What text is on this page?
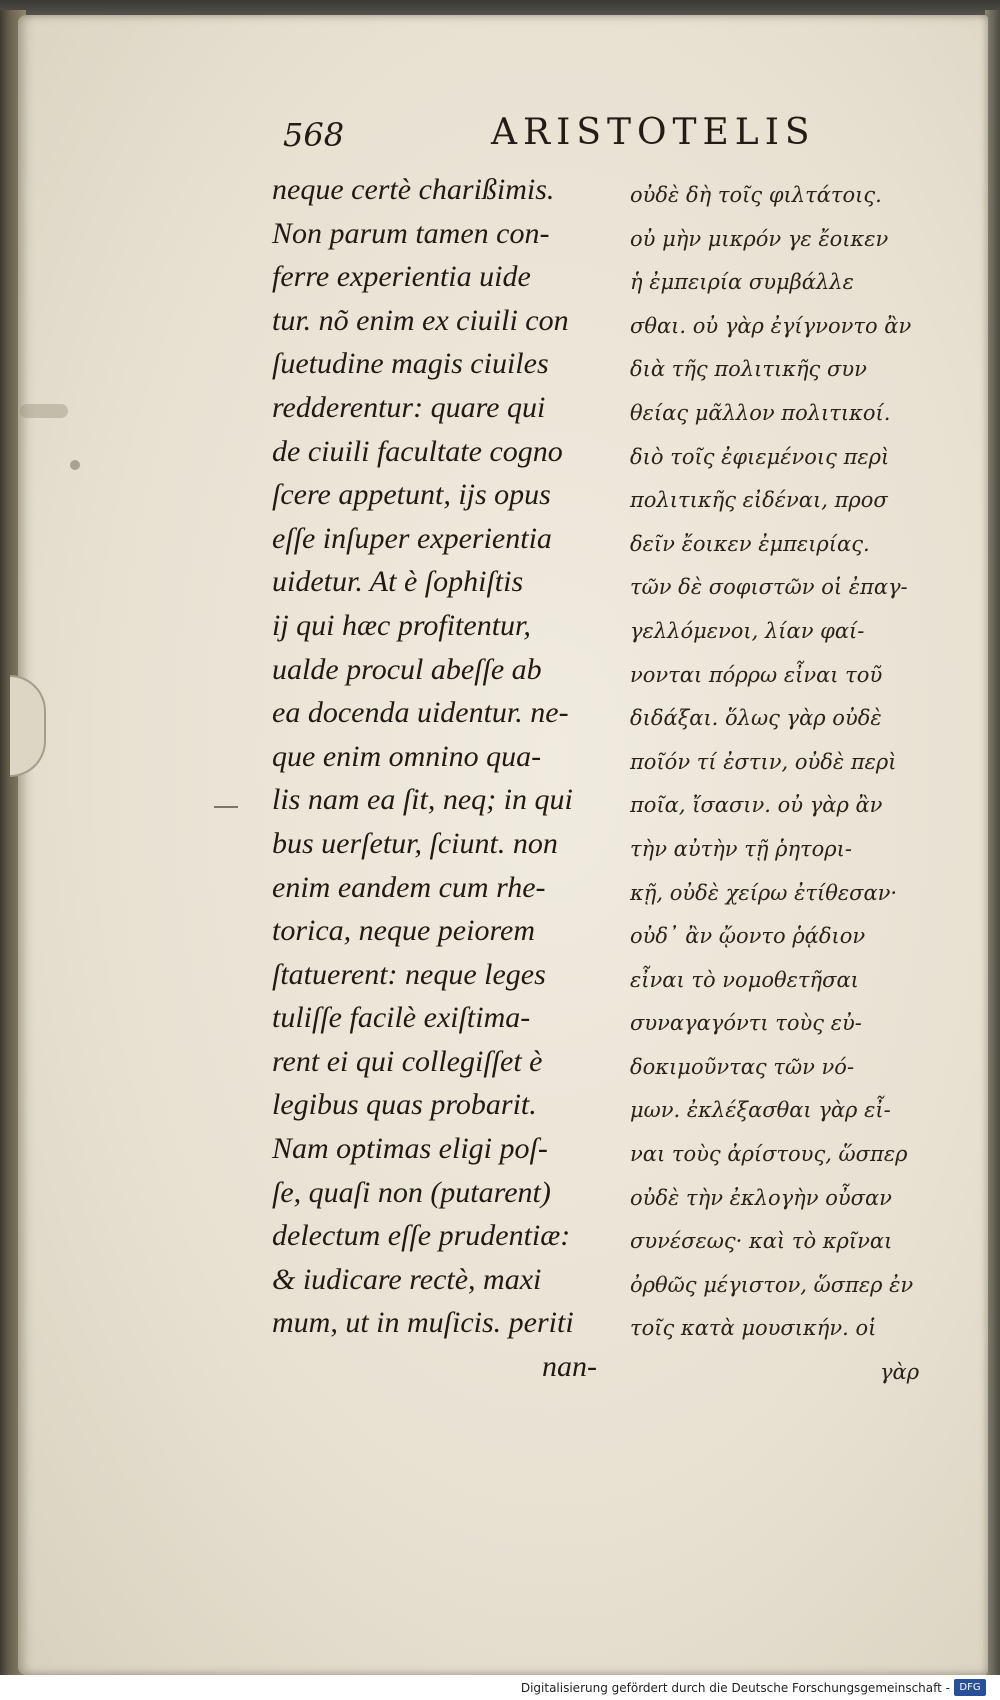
568	ARISTOTELIS
neque certè charißimis.
Non parum tamen con-
ferre experientia uide
tur. nõ enim ex ciuili con
ſuetudine magis ciuiles
redderentur: quare qui
de ciuili facultate cogno
ſcere appetunt, ijs opus
eſſe inſuper experientia
uidetur. At è ſophiſtis
ij qui hæc profitentur,
ualde procul abeſſe ab
ea docenda uidentur. ne-
que enim omnino qua-
lis nam ea ſit, neq; in qui
bus uerſetur, ſciunt. non
enim eandem cum rhe-
torica, neque peiorem
ſtatuerent: neque leges
tuliſſe facilè exiſtima-
rent ei qui collegiſſet è
legibus quas probarit.
Nam optimas eligi poſ-
ſe, quaſi non (putarent)
delectum eſſe prudentiæ:
& iudicare rectè, maxi
mum, ut in muſicis. periti
nan-
οὐδὲ δὴ τοῖς φιλτάτοις.
οὐ μὴν μικρόν γε ἔοικεν
ἡ ἐμπειρία συμβάλλε
σθαι. οὐ γὰρ ἐγίγνοντο ἂν
διὰ τῆς πολιτικῆς συν
θείας μᾶλλον πολιτικοί.
διὸ τοῖς ἐφιεμένοις περὶ
πολιτικῆς εἰδέναι, προσ
δεῖν ἔοικεν ἐμπειρίας.
τῶν δὲ σοφιστῶν οἱ ἐπαγ-
γελλόμενοι, λίαν φαί-
νονται πόρρω εἶναι τοῦ
διδάξαι. ὅλως γὰρ οὐδὲ
ποῖόν τί ἐστιν, οὐδὲ περὶ
ποῖα, ἴσασιν. οὐ γὰρ ἂν
τὴν αὐτὴν τῇ ῥητορι-
κῇ, οὐδὲ χείρω ἐτίθεσαν·
οὐδ᾽ ἂν ᾤοντο ῥᾴδιον
εἶναι τὸ νομοθετῆσαι
συναγαγόντι τοὺς εὐ-
δοκιμοῦντας τῶν νό-
μων. ἐκλέξασθαι γὰρ εἶ-
ναι τοὺς ἀρίστους, ὥσπερ
οὐδὲ τὴν ἐκλογὴν οὖσαν
συνέσεως· καὶ τὸ κρῖναι
ὀρθῶς μέγιστον, ὥσπερ ἐν
τοῖς κατὰ μουσικήν. οἱ
γὰρ
Digitalisierung gefördert durch die Deutsche Forschungsgemeinschaft - DFG
